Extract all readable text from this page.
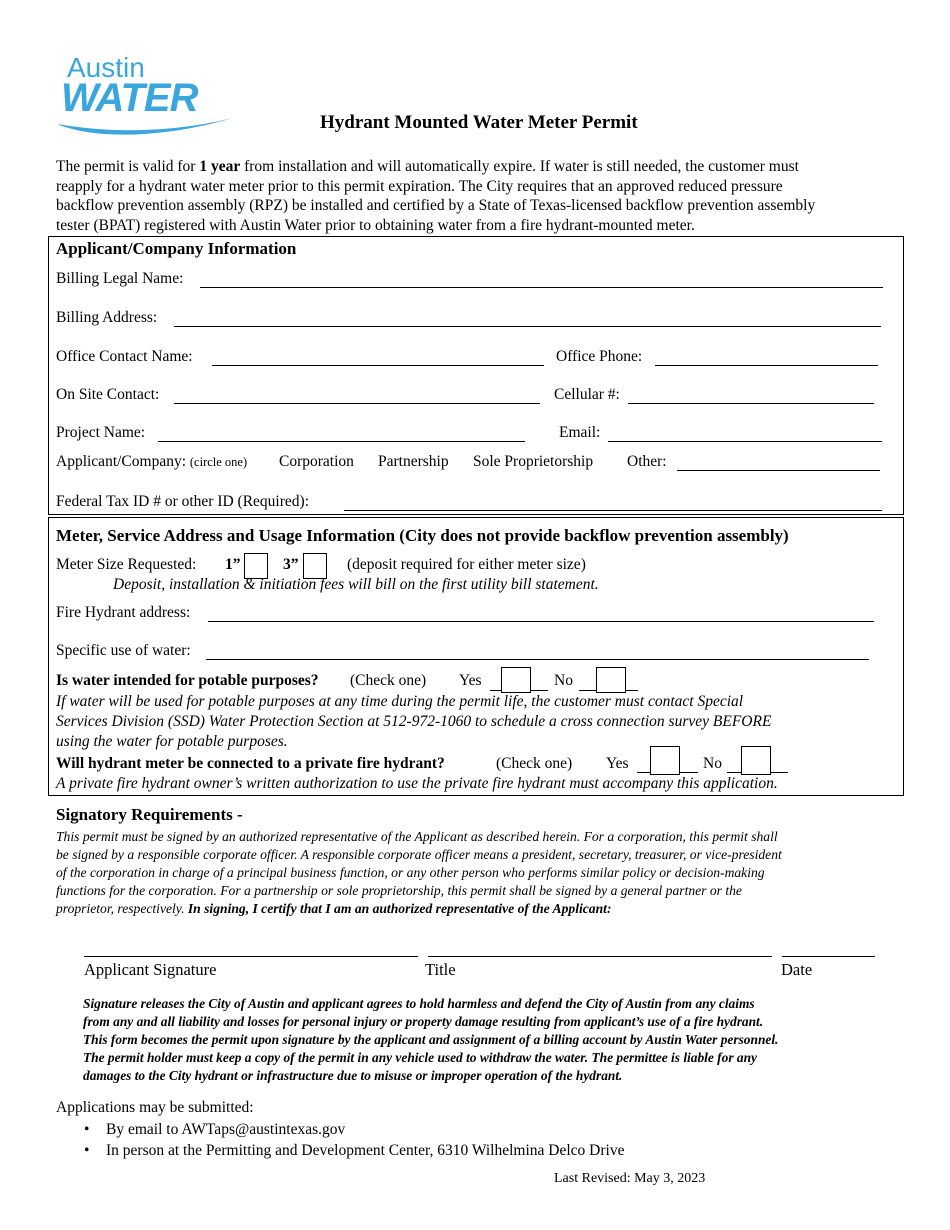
Austin
WATER
Hydrant Mounted Water Meter Permit
The permit is valid for 1 year from installation and will automatically expire. If water is still needed, the customer must
reapply for a hydrant water meter prior to this permit expiration. The City requires that an approved reduced pressure
backflow prevention assembly (RPZ) be installed and certified by a State of Texas-licensed backflow prevention assembly
tester (BPAT) registered with Austin Water prior to obtaining water from a fire hydrant-mounted meter.
Applicant/Company Information
Billing Legal Name:
Billing Address:
Office Contact Name:	Office Phone:
On Site Contact:	Cellular #:
Project Name:	Email:
Applicant/Company: (circle one) Corporation Partnership Sole Proprietorship Other:
Federal Tax ID # or other ID (Required):
Meter, Service Address and Usage Information (City does not provide backflow prevention assembly)
Meter Size Requested: 1”	3”	(deposit required for either meter size)
Deposit, installation & initiation fees will bill on the first utility bill statement.
Fire Hydrant address:
Specific use of water:
Is water intended for potable purposes? (Check one) Yes	No
If water will be used for potable purposes at any time during the permit life, the customer must contact Special
Services Division (SSD) Water Protection Section at 512-972-1060 to schedule a cross connection survey BEFORE
using the water for potable purposes.
Will hydrant meter be connected to a private fire hydrant?	(Check one) Yes	No
A private fire hydrant owner’s written authorization to use the private fire hydrant must accompany this application.
Signatory Requirements -
This permit must be signed by an authorized representative of the Applicant as described herein. For a corporation, this permit shall
be signed by a responsible corporate officer. A responsible corporate officer means a president, secretary, treasurer, or vice-president
of the corporation in charge of a principal business function, or any other person who performs similar policy or decision-making
functions for the corporation. For a partnership or sole proprietorship, this permit shall be signed by a general partner or the
proprietor, respectively. In signing, I certify that I am an authorized representative of the Applicant:
Applicant Signature	Title	Date
Signature releases the City of Austin and applicant agrees to hold harmless and defend the City of Austin from any claims
from any and all liability and losses for personal injury or property damage resulting from applicant’s use of a fire hydrant.
This form becomes the permit upon signature by the applicant and assignment of a billing account by Austin Water personnel.
The permit holder must keep a copy of the permit in any vehicle used to withdraw the water. The permittee is liable for any
damages to the City hydrant or infrastructure due to misuse or improper operation of the hydrant.
Applications may be submitted:
• By email to AWTaps@austintexas.gov
• In person at the Permitting and Development Center, 6310 Wilhelmina Delco Drive
Last Revised: May 3, 2023
